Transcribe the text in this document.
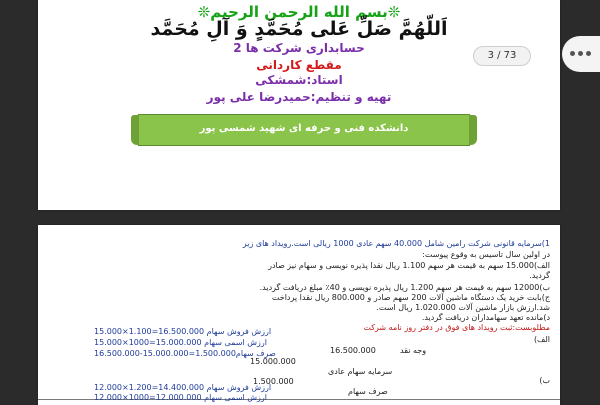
❊بسم الله الرحمن الرحیم❊
اَللّهُمَّ صَلِّ عَلی مُحَمَّدٍ وَ آلِ مُحَمَّد
حسابداری شرکت ها 2
مقطع کاردانی
استاد:شمشکی
تهیه و تنظیم:حمیدرضا علی پور
دانشکده فنی و حرفه ای شهید شمسی پور
3 / 73
1)سرمایه قانونی شرکت رامین شامل 40.000 سهم عادی 1000 ریالی است.رویداد های زیر
در اولین سال تاسیس به وقوع پیوست:
الف)15.000 سهم به قیمت هر سهم 1.100 ریال نقدا پذیره نویسی و سهام نیز صادر
گردید.
ب)12000 سهم به قیمت هر سهم 1.200 ریال پذیره نویسی و 40٪ مبلغ دریافت گردید.
ج)بابت خرید یک دستگاه ماشین آلات 200 سهم صادر و 800.000 ریال نقدا پرداخت
شد.ارزش بازار ماشین آلات 1.020.000 ریال است.
د)مانده تعهد سهامداران دریافت گردید.
مطلوبست:ثبت رویداد های فوق در دفتر روز نامه شرکت
الف)
15.000×1.100=16.500.000 ارزش فروش سهام
15.000×1000=15.000.000 ارزش اسمی سهام
16.500.000-15.000.000=1.500.000صرف سهام	وجه نقد
16.500.000
15.000.000
سرمایه سهام عادی
1.500.000
صرف سهام
ب)
12.000×1.200=14.400.000 ارزش فروش سهام
12.000×1000=12.000.000 ارزش اسمی سهام
